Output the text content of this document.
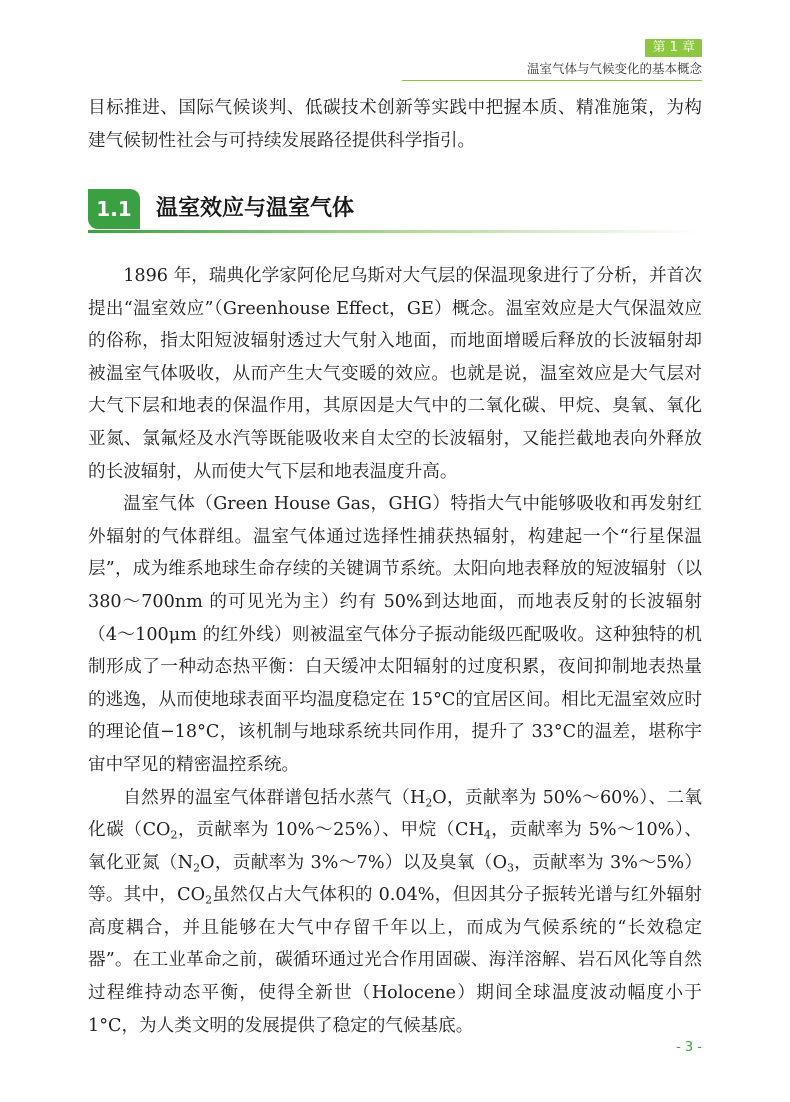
第 1 章
温室气体与气候变化的基本概念

目标推进、国际气候谈判、低碳技术创新等实践中把握本质、精准施策，为构建气候韧性社会与可持续发展路径提供科学指引。

1.1	温室效应与温室气体

1896 年，瑞典化学家阿伦尼乌斯对大气层的保温现象进行了分析，并首次提出“温室效应”（Greenhouse Effect，GE）概念。温室效应是大气保温效应的俗称，指太阳短波辐射透过大气射入地面，而地面增暖后释放的长波辐射却被温室气体吸收，从而产生大气变暖的效应。也就是说，温室效应是大气层对大气下层和地表的保温作用，其原因是大气中的二氧化碳、甲烷、臭氧、氧化亚氮、氯氟烃及水汽等既能吸收来自太空的长波辐射，又能拦截地表向外释放的长波辐射，从而使大气下层和地表温度升高。

温室气体（Green House Gas，GHG）特指大气中能够吸收和再发射红外辐射的气体群组。温室气体通过选择性捕获热辐射，构建起一个“行星保温层”，成为维系地球生命存续的关键调节系统。太阳向地表释放的短波辐射（以 380～700nm 的可见光为主）约有 50%到达地面，而地表反射的长波辐射（4～100μm 的红外线）则被温室气体分子振动能级匹配吸收。这种独特的机制形成了一种动态热平衡：白天缓冲太阳辐射的过度积累，夜间抑制地表热量的逃逸，从而使地球表面平均温度稳定在 15°C的宜居区间。相比无温室效应时的理论值−18°C，该机制与地球系统共同作用，提升了 33°C的温差，堪称宇宙中罕见的精密温控系统。

自然界的温室气体群谱包括水蒸气（$H_2O$，贡献率为 50%～60%）、二氧化碳（$CO_2$，贡献率为 10%～25%）、甲烷（$CH_4$，贡献率为 5%～10%）、氧化亚氮（$N_2O$，贡献率为 3%～7%）以及臭氧（$O_3$，贡献率为 3%～5%）等。其中，$CO_2$虽然仅占大气体积的 0.04%，但因其分子振转光谱与红外辐射高度耦合，并且能够在大气中存留千年以上，而成为气候系统的“长效稳定器”。在工业革命之前，碳循环通过光合作用固碳、海洋溶解、岩石风化等自然过程维持动态平衡，使得全新世（Holocene）期间全球温度波动幅度小于 1°C，为人类文明的发展提供了稳定的气候基底。

- 3 -
